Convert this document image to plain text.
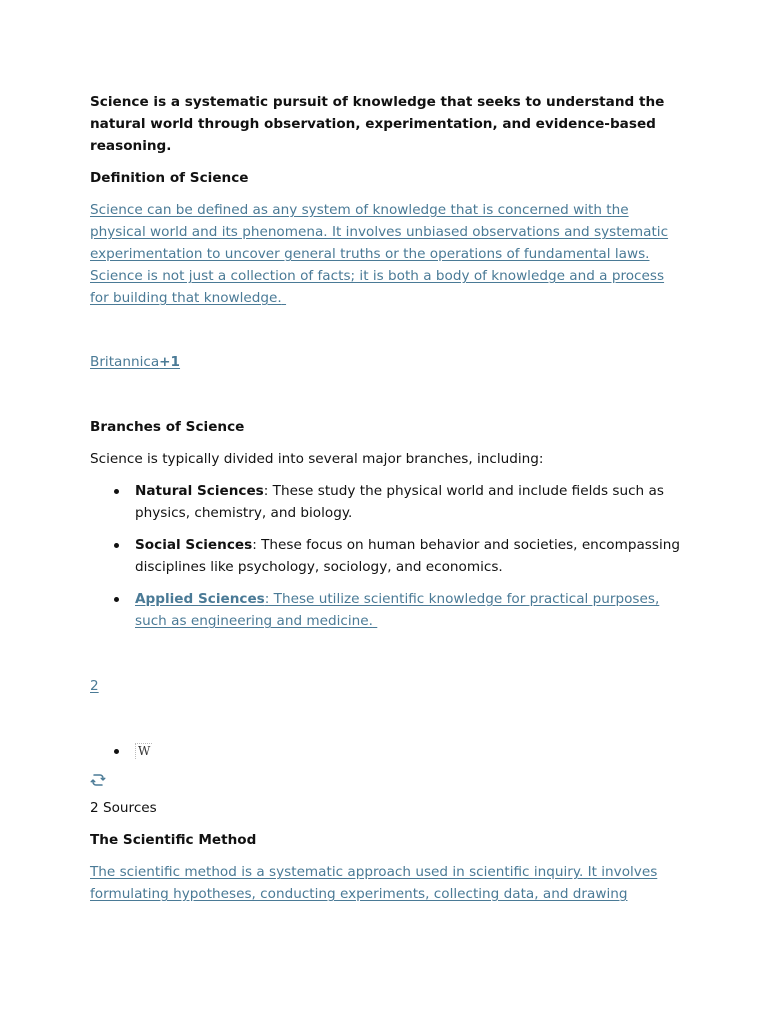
Science is a systematic pursuit of knowledge that seeks to understand the natural world through observation, experimentation, and evidence-based reasoning.

Definition of Science

Science can be defined as any system of knowledge that is concerned with the physical world and its phenomena. It involves unbiased observations and systematic experimentation to uncover general truths or the operations of fundamental laws. Science is not just a collection of facts; it is both a body of knowledge and a process for building that knowledge.

Britannica+1

Branches of Science

Science is typically divided into several major branches, including:

Natural Sciences: These study the physical world and include fields such as physics, chemistry, and biology.
Social Sciences: These focus on human behavior and societies, encompassing disciplines like psychology, sociology, and economics.
Applied Sciences: These utilize scientific knowledge for practical purposes, such as engineering and medicine.
2
W

2 Sources

The Scientific Method

The scientific method is a systematic approach used in scientific inquiry. It involves formulating hypotheses, conducting experiments, collecting data, and drawing
